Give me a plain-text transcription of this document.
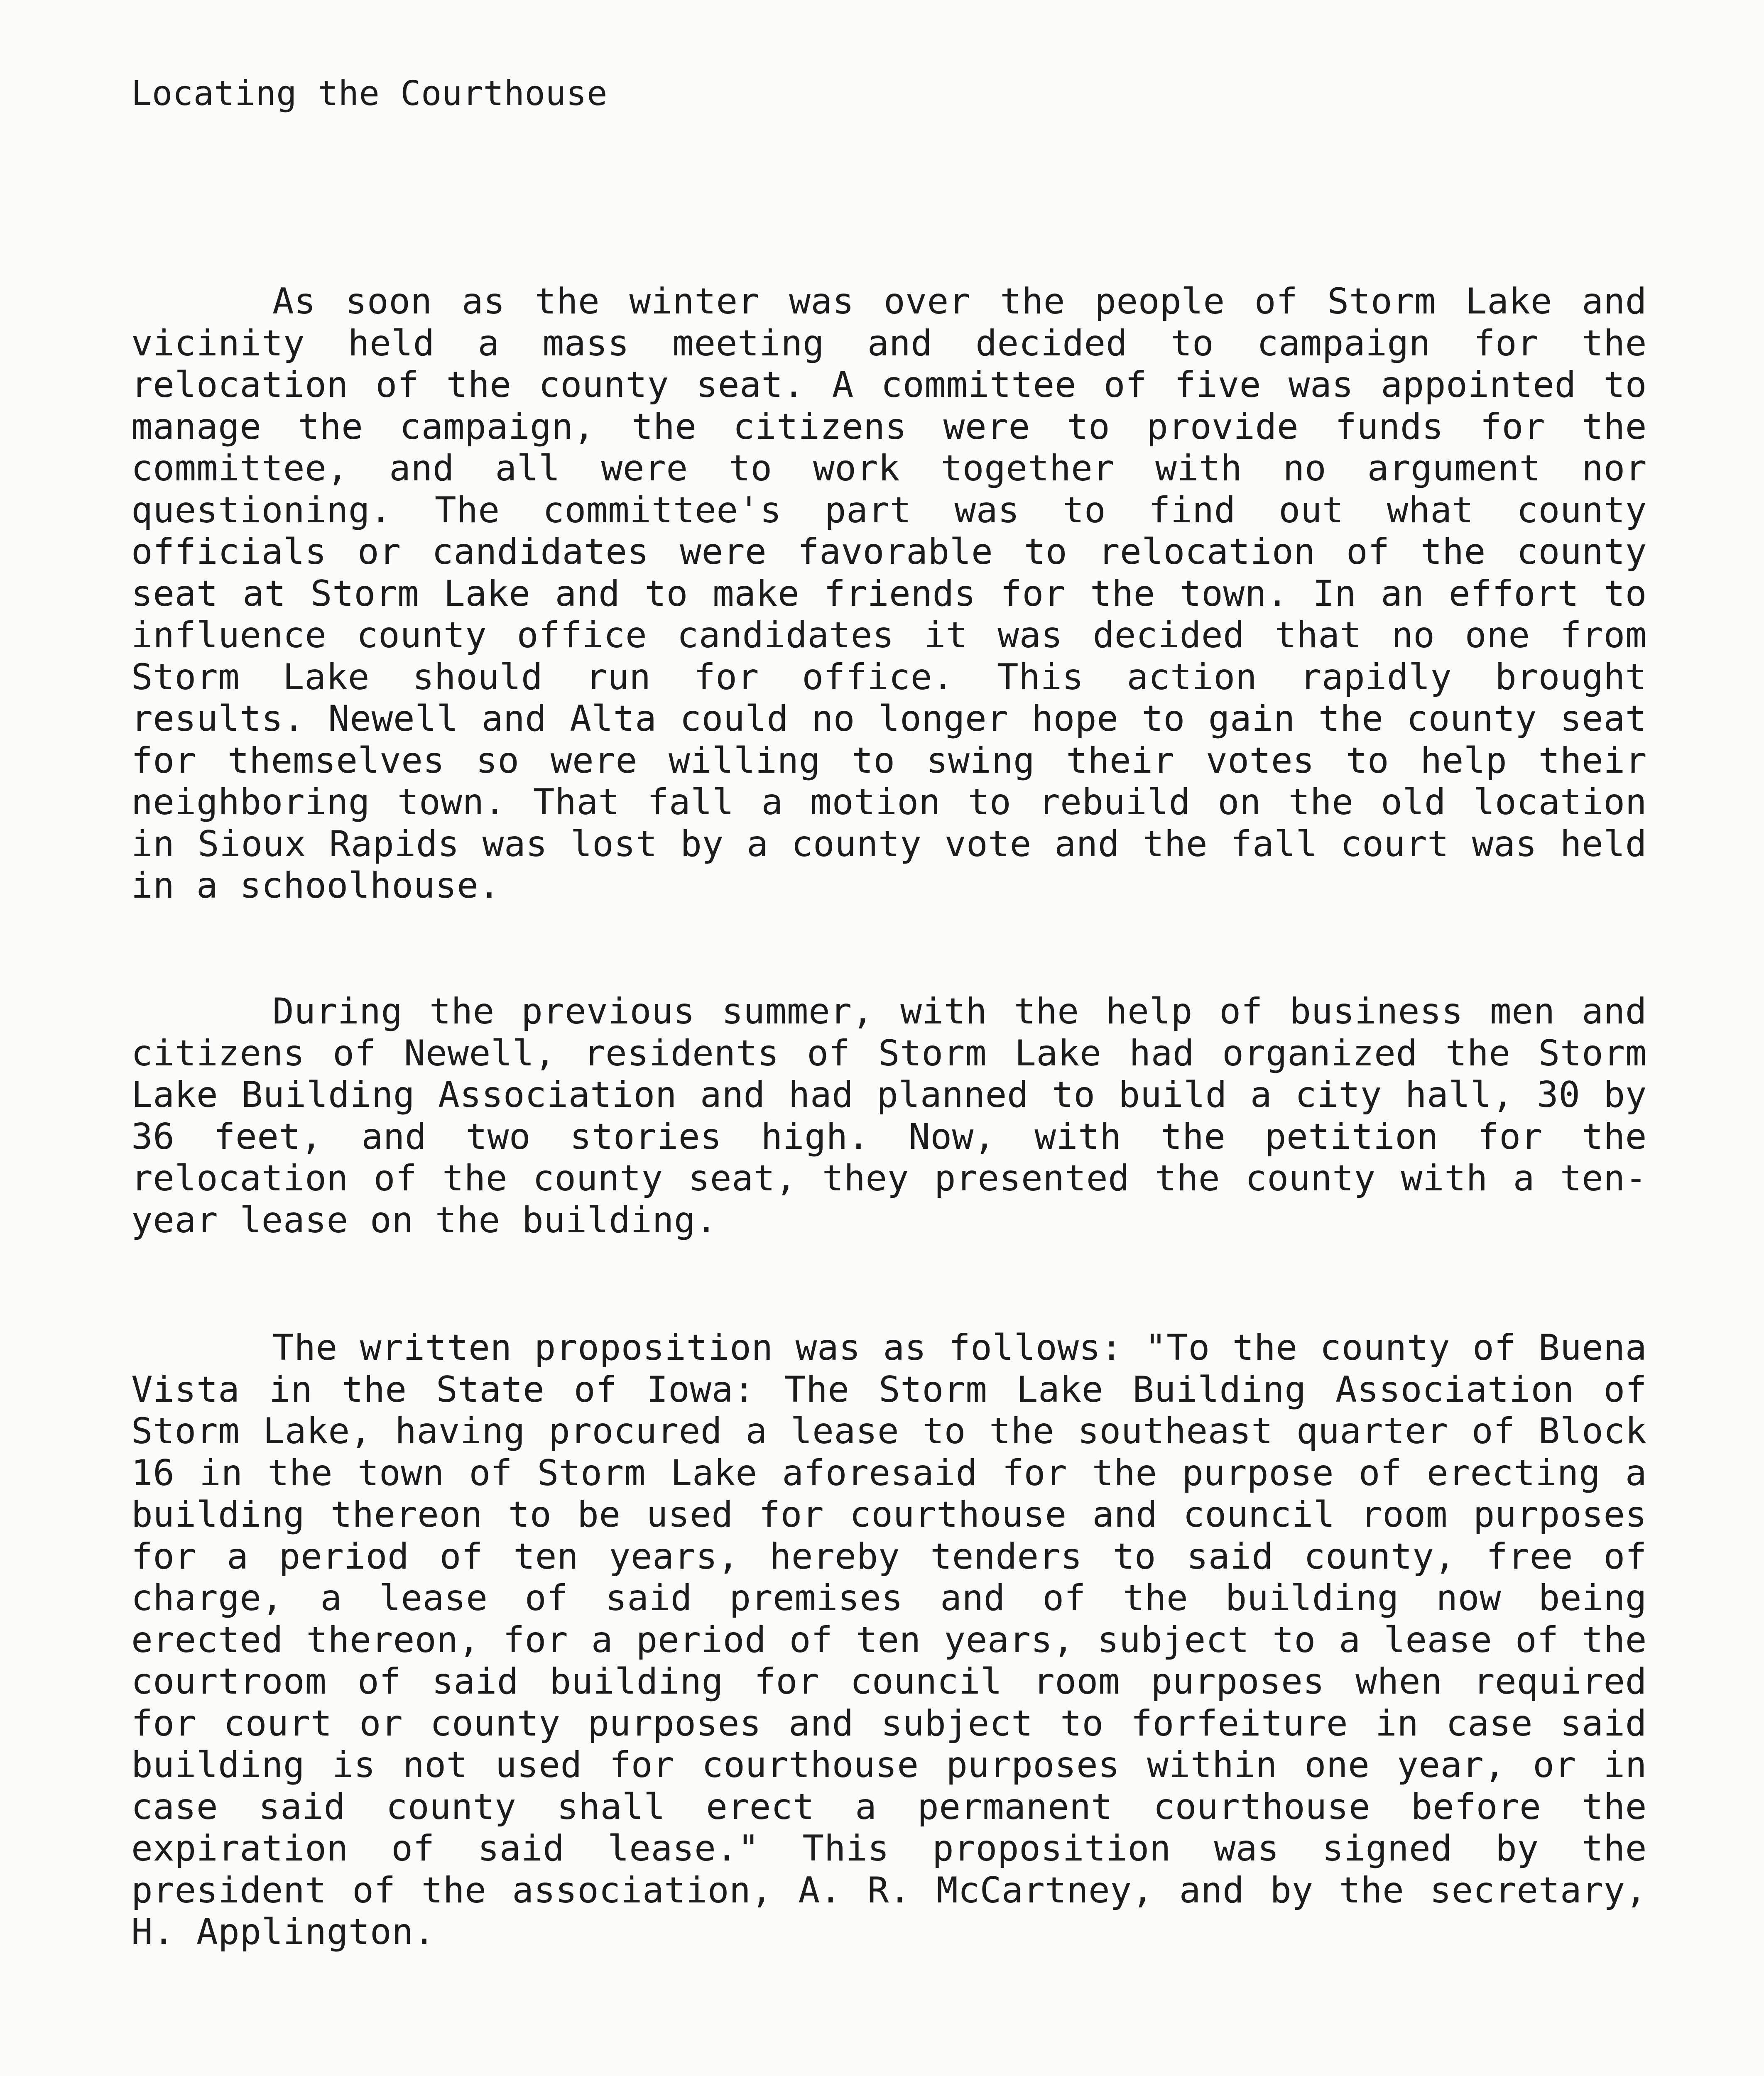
Locating the Courthouse

As soon as the winter was over the people of Storm Lake and vicinity held a mass meeting and decided to campaign for the relocation of the county seat. A committee of five was appointed to manage the campaign, the citizens were to provide funds for the committee, and all were to work together with no argument nor questioning. The committee's part was to find out what county officials or candidates were favorable to relocation of the county seat at Storm Lake and to make friends for the town. In an effort to influence county office candidates it was decided that no one from Storm Lake should run for office. This action rapidly brought results. Newell and Alta could no longer hope to gain the county seat for themselves so were willing to swing their votes to help their neighboring town. That fall a motion to rebuild on the old location in Sioux Rapids was lost by a county vote and the fall court was held in a schoolhouse.

During the previous summer, with the help of business men and citizens of Newell, residents of Storm Lake had organized the Storm Lake Building Association and had planned to build a city hall, 30 by 36 feet, and two stories high. Now, with the petition for the relocation of the county seat, they presented the county with a ten-year lease on the building.

The written proposition was as follows: "To the county of Buena Vista in the State of Iowa: The Storm Lake Building Association of Storm Lake, having procured a lease to the southeast quarter of Block 16 in the town of Storm Lake aforesaid for the purpose of erecting a building thereon to be used for courthouse and council room purposes for a period of ten years, hereby tenders to said county, free of charge, a lease of said premises and of the building now being erected thereon, for a period of ten years, subject to a lease of the courtroom of said building for council room purposes when required for court or county purposes and subject to forfeiture in case said building is not used for courthouse purposes within one year, or in case said county shall erect a permanent courthouse before the expiration of said lease." This proposition was signed by the president of the association, A. R. McCartney, and by the secretary, H. Applington.
